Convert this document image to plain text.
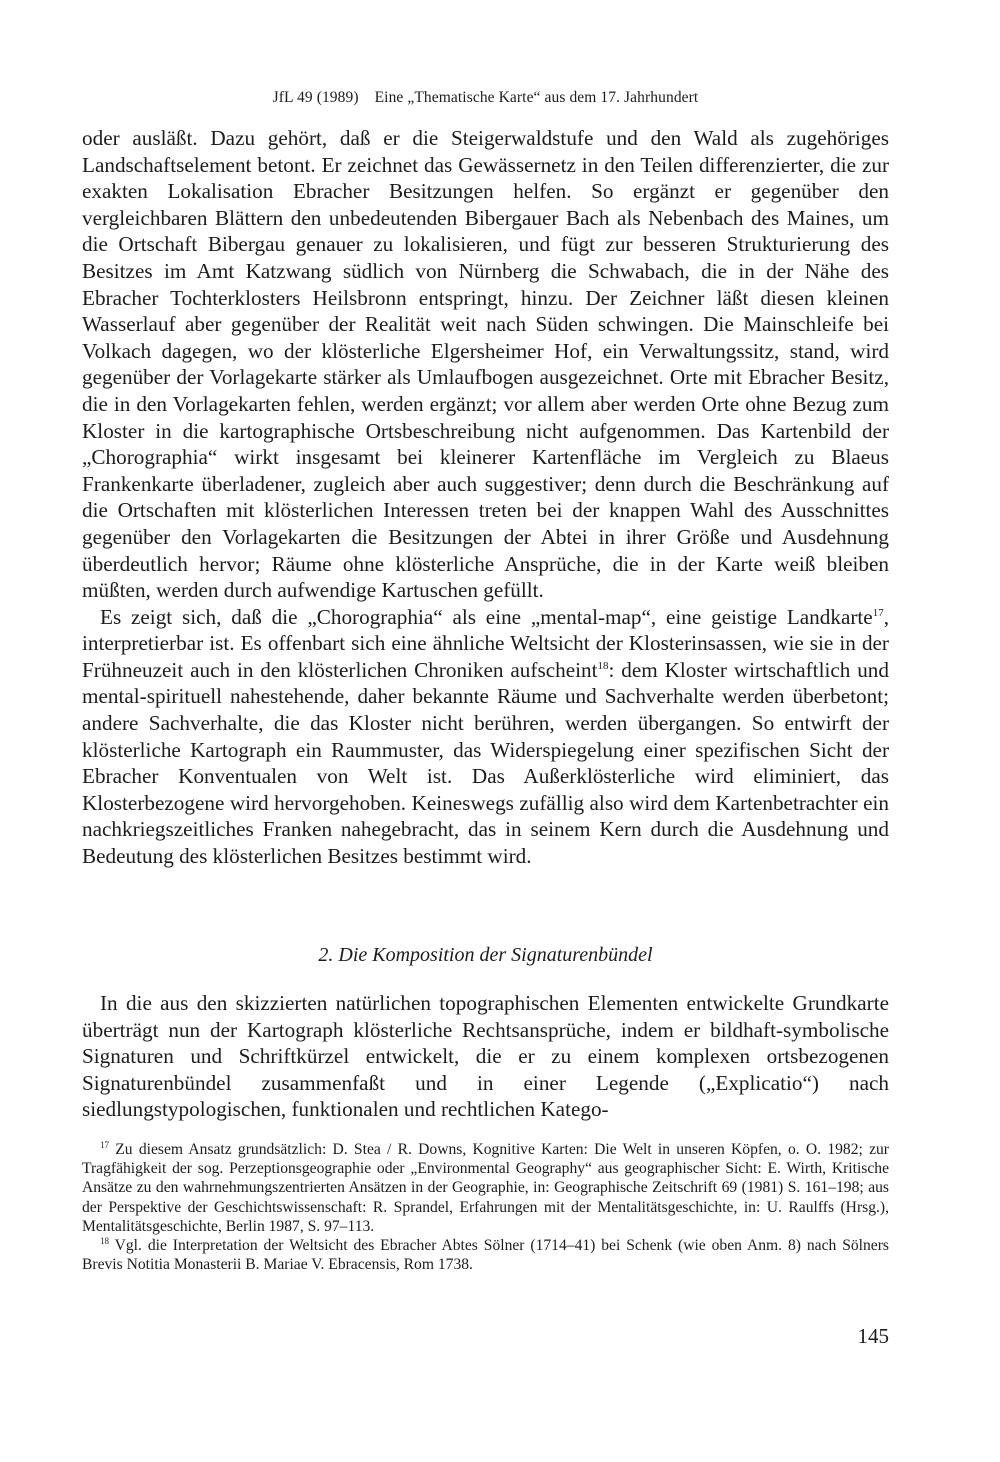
JfL 49 (1989) Eine „Thematische Karte“ aus dem 17. Jahrhundert

oder ausläßt. Dazu gehört, daß er die Steigerwaldstufe und den Wald als zugehöriges Landschaftselement betont. Er zeichnet das Gewässernetz in den Teilen differenzierter, die zur exakten Lokalisation Ebracher Besitzungen helfen. So ergänzt er gegenüber den vergleichbaren Blättern den unbedeutenden Bibergauer Bach als Nebenbach des Maines, um die Ortschaft Bibergau genauer zu lokalisieren, und fügt zur besseren Strukturierung des Besitzes im Amt Katzwang südlich von Nürnberg die Schwabach, die in der Nähe des Ebracher Tochterklosters Heilsbronn entspringt, hinzu. Der Zeichner läßt diesen kleinen Wasserlauf aber gegenüber der Realität weit nach Süden schwingen. Die Mainschleife bei Volkach dagegen, wo der klösterliche Elgersheimer Hof, ein Verwaltungssitz, stand, wird gegenüber der Vorlagekarte stärker als Umlaufbogen ausgezeichnet. Orte mit Ebracher Besitz, die in den Vorlagekarten fehlen, werden ergänzt; vor allem aber werden Orte ohne Bezug zum Kloster in die kartographische Ortsbeschreibung nicht aufgenommen. Das Kartenbild der „Chorographia“ wirkt insgesamt bei kleinerer Kartenfläche im Vergleich zu Blaeus Frankenkarte überladener, zugleich aber auch suggestiver; denn durch die Beschränkung auf die Ortschaften mit klösterlichen Interessen treten bei der knappen Wahl des Ausschnittes gegenüber den Vorlagekarten die Besitzungen der Abtei in ihrer Größe und Ausdehnung überdeutlich hervor; Räume ohne klösterliche Ansprüche, die in der Karte weiß bleiben müßten, werden durch aufwendige Kartuschen gefüllt.

Es zeigt sich, daß die „Chorographia“ als eine „mental-map“, eine geistige Landkarte$^{17}$, interpretierbar ist. Es offenbart sich eine ähnliche Weltsicht der Klosterinsassen, wie sie in der Frühneuzeit auch in den klösterlichen Chroniken aufscheint$^{18}$: dem Kloster wirtschaftlich und mental-spirituell nahestehende, daher bekannte Räume und Sachverhalte werden überbetont; andere Sachverhalte, die das Kloster nicht berühren, werden übergangen. So entwirft der klösterliche Kartograph ein Raummuster, das Widerspiegelung einer spezifischen Sicht der Ebracher Konventualen von Welt ist. Das Außerklösterliche wird eliminiert, das Klosterbezogene wird hervorgehoben. Keineswegs zufällig also wird dem Kartenbetrachter ein nachkriegszeitliches Franken nahegebracht, das in seinem Kern durch die Ausdehnung und Bedeutung des klösterlichen Besitzes bestimmt wird.

2. Die Komposition der Signaturenbündel

In die aus den skizzierten natürlichen topographischen Elementen entwickelte Grundkarte überträgt nun der Kartograph klösterliche Rechtsansprüche, indem er bildhaft-symbolische Signaturen und Schriftkürzel entwickelt, die er zu einem komplexen ortsbezogenen Signaturenbündel zusammenfaßt und in einer Legende („Explicatio“) nach siedlungstypologischen, funktionalen und rechtlichen Katego-

$^{17}$ Zu diesem Ansatz grundsätzlich: D. Stea / R. Downs, Kognitive Karten: Die Welt in unseren Köpfen, o. O. 1982; zur Tragfähigkeit der sog. Perzeptionsgeographie oder „Environmental Geography“ aus geographischer Sicht: E. Wirth, Kritische Ansätze zu den wahrnehmungszentrierten Ansätzen in der Geographie, in: Geographische Zeitschrift 69 (1981) S. 161–198; aus der Perspektive der Geschichtswissenschaft: R. Sprandel, Erfahrungen mit der Mentalitätsgeschichte, in: U. Raulffs (Hrsg.), Mentalitätsgeschichte, Berlin 1987, S. 97–113.

$^{18}$ Vgl. die Interpretation der Weltsicht des Ebracher Abtes Sölner (1714–41) bei Schenk (wie oben Anm. 8) nach Sölners Brevis Notitia Monasterii B. Mariae V. Ebracensis, Rom 1738.

145
